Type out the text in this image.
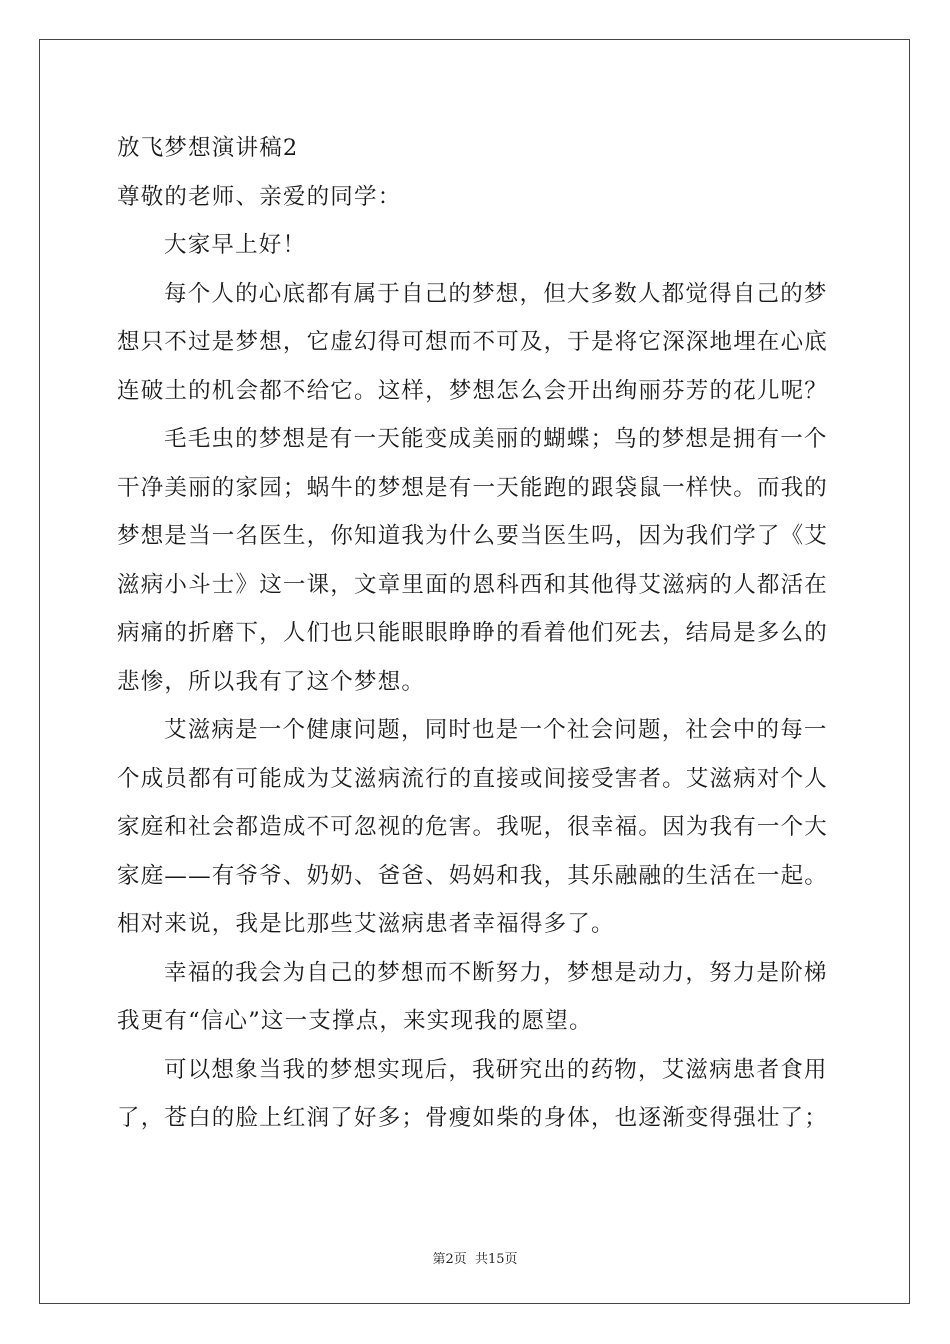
放飞梦想演讲稿2
尊敬的老师、亲爱的同学：
大家早上好！
每个人的心底都有属于自己的梦想，但大多数人都觉得自己的梦
想只不过是梦想，它虚幻得可想而不可及，于是将它深深地埋在心底
连破土的机会都不给它。这样，梦想怎么会开出绚丽芬芳的花儿呢？
毛毛虫的梦想是有一天能变成美丽的蝴蝶；鸟的梦想是拥有一个
干净美丽的家园；蜗牛的梦想是有一天能跑的跟袋鼠一样快。而我的
梦想是当一名医生，你知道我为什么要当医生吗，因为我们学了《艾
滋病小斗士》这一课，文章里面的恩科西和其他得艾滋病的人都活在
病痛的折磨下，人们也只能眼眼睁睁的看着他们死去，结局是多么的
悲惨，所以我有了这个梦想。
艾滋病是一个健康问题，同时也是一个社会问题，社会中的每一
个成员都有可能成为艾滋病流行的直接或间接受害者。艾滋病对个人
家庭和社会都造成不可忽视的危害。我呢，很幸福。因为我有一个大
家庭——有爷爷、奶奶、爸爸、妈妈和我，其乐融融的生活在一起。
相对来说，我是比那些艾滋病患者幸福得多了。
幸福的我会为自己的梦想而不断努力，梦想是动力，努力是阶梯
我更有“信心”这一支撑点，来实现我的愿望。
可以想象当我的梦想实现后，我研究出的药物，艾滋病患者食用
了，苍白的脸上红润了好多；骨瘦如柴的身体，也逐渐变得强壮了；
第2页 共15页
